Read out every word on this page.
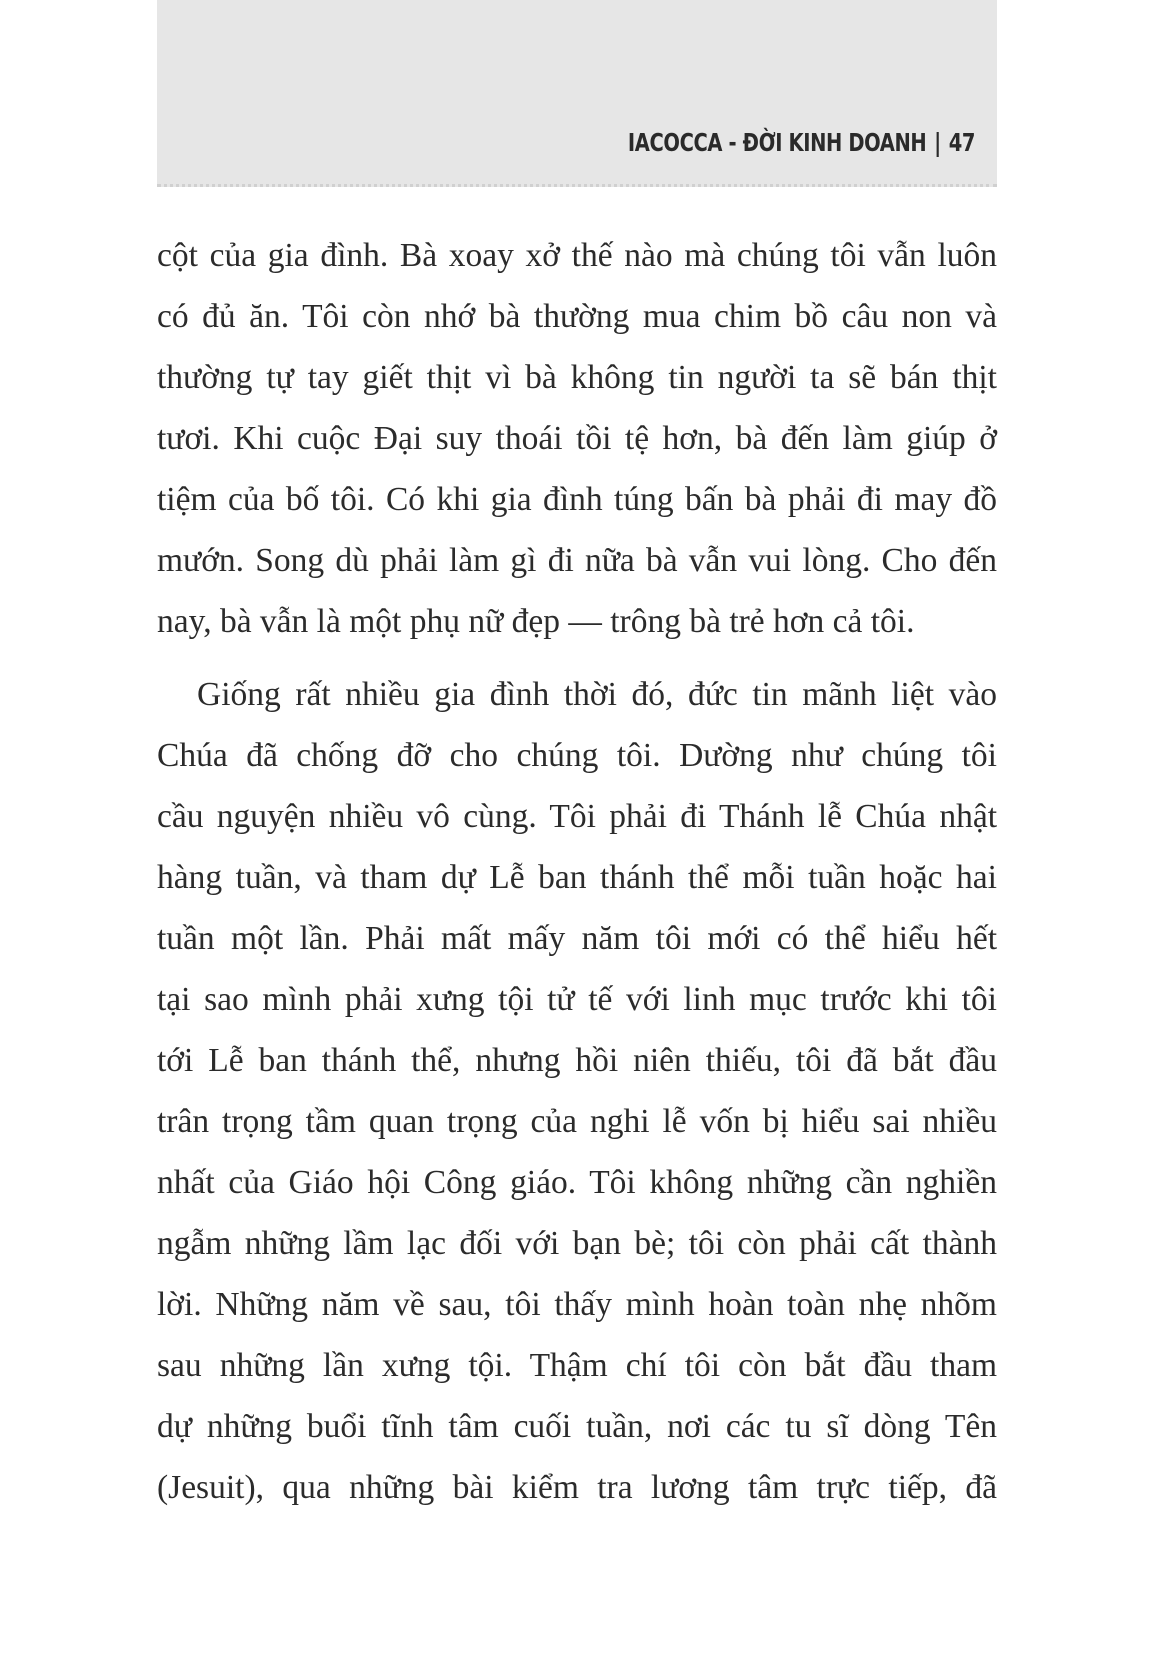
IACOCCA - ĐỜI KINH DOANH | 47
cột của gia đình. Bà xoay xở thế nào mà chúng tôi vẫn luôn
có đủ ăn. Tôi còn nhớ bà thường mua chim bồ câu non và
thường tự tay giết thịt vì bà không tin người ta sẽ bán thịt
tươi. Khi cuộc Đại suy thoái tồi tệ hơn, bà đến làm giúp ở
tiệm của bố tôi. Có khi gia đình túng bấn bà phải đi may đồ
mướn. Song dù phải làm gì đi nữa bà vẫn vui lòng. Cho đến
nay, bà vẫn là một phụ nữ đẹp — trông bà trẻ hơn cả tôi.
Giống rất nhiều gia đình thời đó, đức tin mãnh liệt vào
Chúa đã chống đỡ cho chúng tôi. Dường như chúng tôi
cầu nguyện nhiều vô cùng. Tôi phải đi Thánh lễ Chúa nhật
hàng tuần, và tham dự Lễ ban thánh thể mỗi tuần hoặc hai
tuần một lần. Phải mất mấy năm tôi mới có thể hiểu hết
tại sao mình phải xưng tội tử tế với linh mục trước khi tôi
tới Lễ ban thánh thể, nhưng hồi niên thiếu, tôi đã bắt đầu
trân trọng tầm quan trọng của nghi lễ vốn bị hiểu sai nhiều
nhất của Giáo hội Công giáo. Tôi không những cần nghiền
ngẫm những lầm lạc đối với bạn bè; tôi còn phải cất thành
lời. Những năm về sau, tôi thấy mình hoàn toàn nhẹ nhõm
sau những lần xưng tội. Thậm chí tôi còn bắt đầu tham
dự những buổi tĩnh tâm cuối tuần, nơi các tu sĩ dòng Tên
(Jesuit), qua những bài kiểm tra lương tâm trực tiếp, đã
